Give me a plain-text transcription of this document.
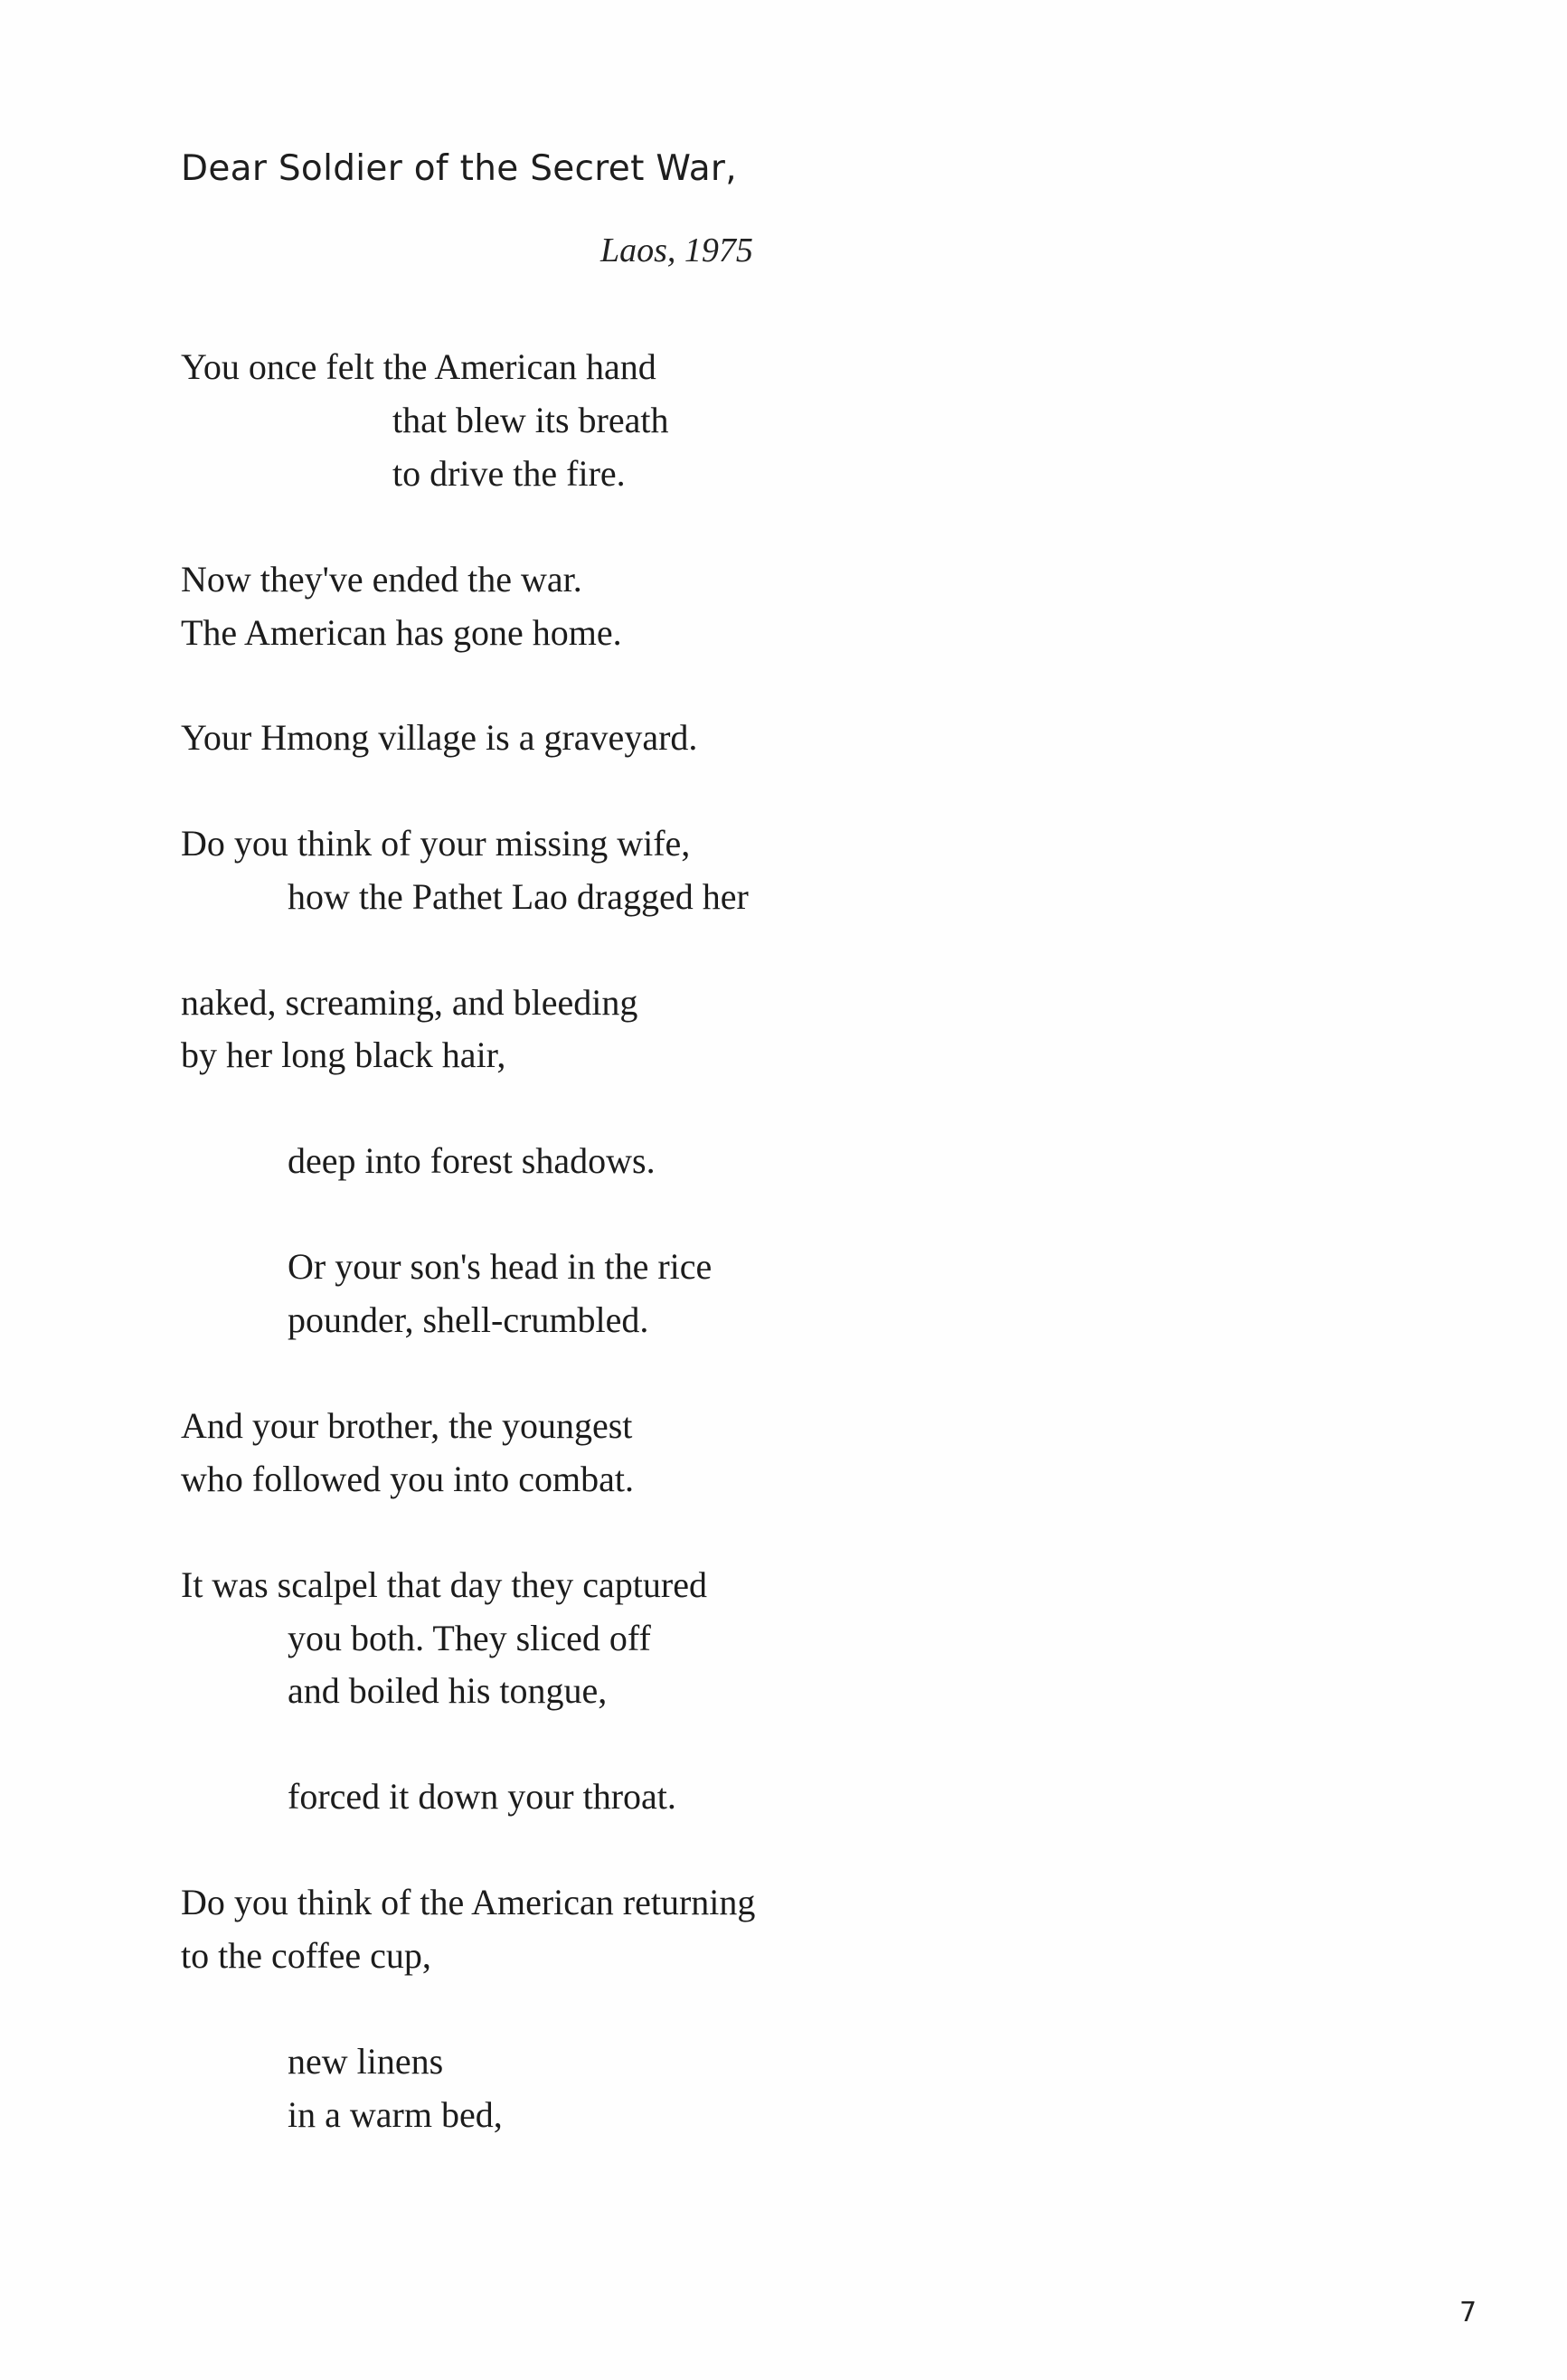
Dear Soldier of the Secret War,
Laos, 1975
You once felt the American hand
that blew its breath
to drive the fire.
Now they've ended the war.
The American has gone home.
Your Hmong village is a graveyard.
Do you think of your missing wife,
how the Pathet Lao dragged her
naked, screaming, and bleeding
by her long black hair,
deep into forest shadows.
Or your son's head in the rice
pounder, shell-crumbled.
And your brother, the youngest
who followed you into combat.
It was scalpel that day they captured
you both. They sliced off
and boiled his tongue,
forced it down your throat.
Do you think of the American returning
to the coffee cup,
new linens
in a warm bed,
7
